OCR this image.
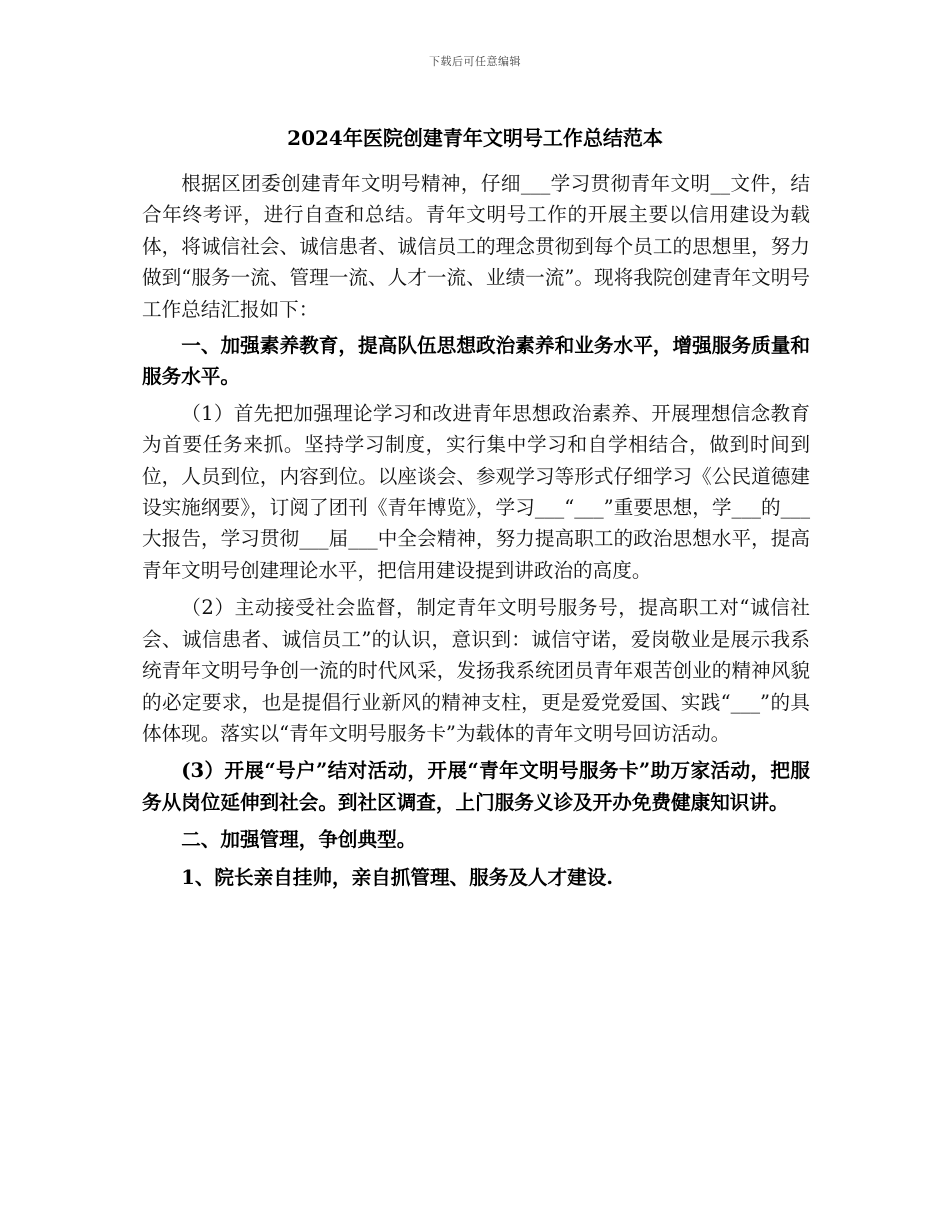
下载后可任意编辑
2024年医院创建青年文明号工作总结范本

根据区团委创建青年文明号精神，仔细___学习贯彻青年文明__文件，结合年终考评，进行自查和总结。青年文明号工作的开展主要以信用建设为载体，将诚信社会、诚信患者、诚信员工的理念贯彻到每个员工的思想里，努力做到“服务一流、管理一流、人才一流、业绩一流”。现将我院创建青年文明号工作总结汇报如下：

一、加强素养教育，提高队伍思想政治素养和业务水平，增强服务质量和服务水平。

（1）首先把加强理论学习和改进青年思想政治素养、开展理想信念教育为首要任务来抓。坚持学习制度，实行集中学习和自学相结合，做到时间到位，人员到位，内容到位。以座谈会、参观学习等形式仔细学习《公民道德建设实施纲要》，订阅了团刊《青年博览》，学习___“___”重要思想，学___的___大报告，学习贯彻___届___中全会精神，努力提高职工的政治思想水平，提高青年文明号创建理论水平，把信用建设提到讲政治的高度。

（2）主动接受社会监督，制定青年文明号服务号，提高职工对“诚信社会、诚信患者、诚信员工”的认识，意识到：诚信守诺，爱岗敬业是展示我系统青年文明号争创一流的时代风采，发扬我系统团员青年艰苦创业的精神风貌的必定要求，也是提倡行业新风的精神支柱，更是爱党爱国、实践“___”的具体体现。落实以“青年文明号服务卡”为载体的青年文明号回访活动。

(3）开展“号户”结对活动，开展“青年文明号服务卡”助万家活动，把服务从岗位延伸到社会。到社区调查，上门服务义诊及开办免费健康知识讲。

二、加强管理，争创典型。

1、院长亲自挂帅，亲自抓管理、服务及人才建设.
